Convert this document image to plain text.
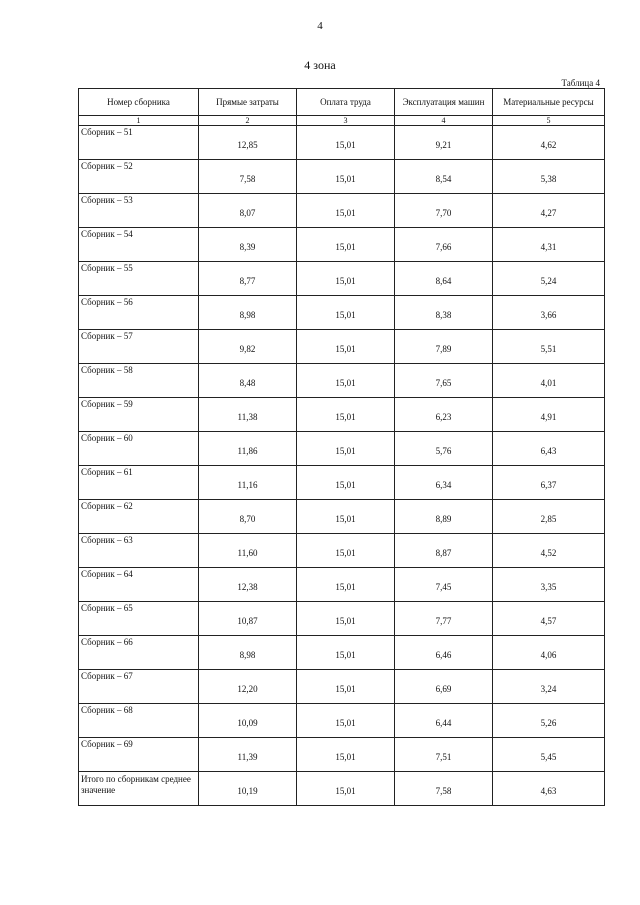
4
4 зона
Таблица 4
Номер сборника	Прямые затраты	Оплата труда	Эксплуатация машин	Материальные ресурсы
1	2	3	4	5
Сборник – 51	12,85	15,01	9,21	4,62
Сборник – 52	7,58	15,01	8,54	5,38
Сборник – 53	8,07	15,01	7,70	4,27
Сборник – 54	8,39	15,01	7,66	4,31
Сборник – 55	8,77	15,01	8,64	5,24
Сборник – 56	8,98	15,01	8,38	3,66
Сборник – 57	9,82	15,01	7,89	5,51
Сборник – 58	8,48	15,01	7,65	4,01
Сборник – 59	11,38	15,01	6,23	4,91
Сборник – 60	11,86	15,01	5,76	6,43
Сборник – 61	11,16	15,01	6,34	6,37
Сборник – 62	8,70	15,01	8,89	2,85
Сборник – 63	11,60	15,01	8,87	4,52
Сборник – 64	12,38	15,01	7,45	3,35
Сборник – 65	10,87	15,01	7,77	4,57
Сборник – 66	8,98	15,01	6,46	4,06
Сборник – 67	12,20	15,01	6,69	3,24
Сборник – 68	10,09	15,01	6,44	5,26
Сборник – 69	11,39	15,01	7,51	5,45
Итого по сборникам среднее значение	10,19	15,01	7,58	4,63
